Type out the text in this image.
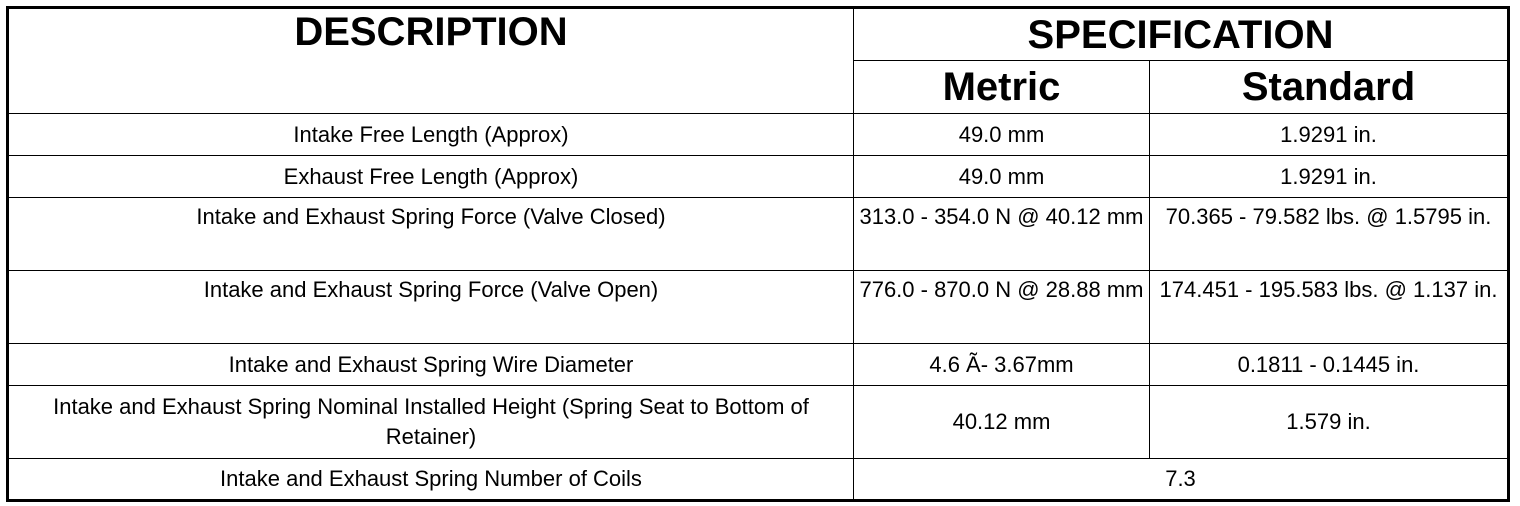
DESCRIPTION	SPECIFICATION	
	Metric	Standard
Intake Free Length (Approx)	49.0 mm	1.9291 in.
Exhaust Free Length (Approx)	49.0 mm	1.9291 in.
Intake and Exhaust Spring Force (Valve Closed)	313.0 - 354.0 N @ 40.12 mm	70.365 - 79.582 lbs. @ 1.5795 in.
Intake and Exhaust Spring Force (Valve Open)	776.0 - 870.0 N @ 28.88 mm	174.451 - 195.583 lbs. @ 1.137 in.
Intake and Exhaust Spring Wire Diameter	4.6 Ã- 3.67mm	0.1811 - 0.1445 in.
Intake and Exhaust Spring Nominal Installed Height (Spring Seat to Bottom of Retainer)	40.12 mm	1.579 in.
Intake and Exhaust Spring Number of Coils	7.3	
